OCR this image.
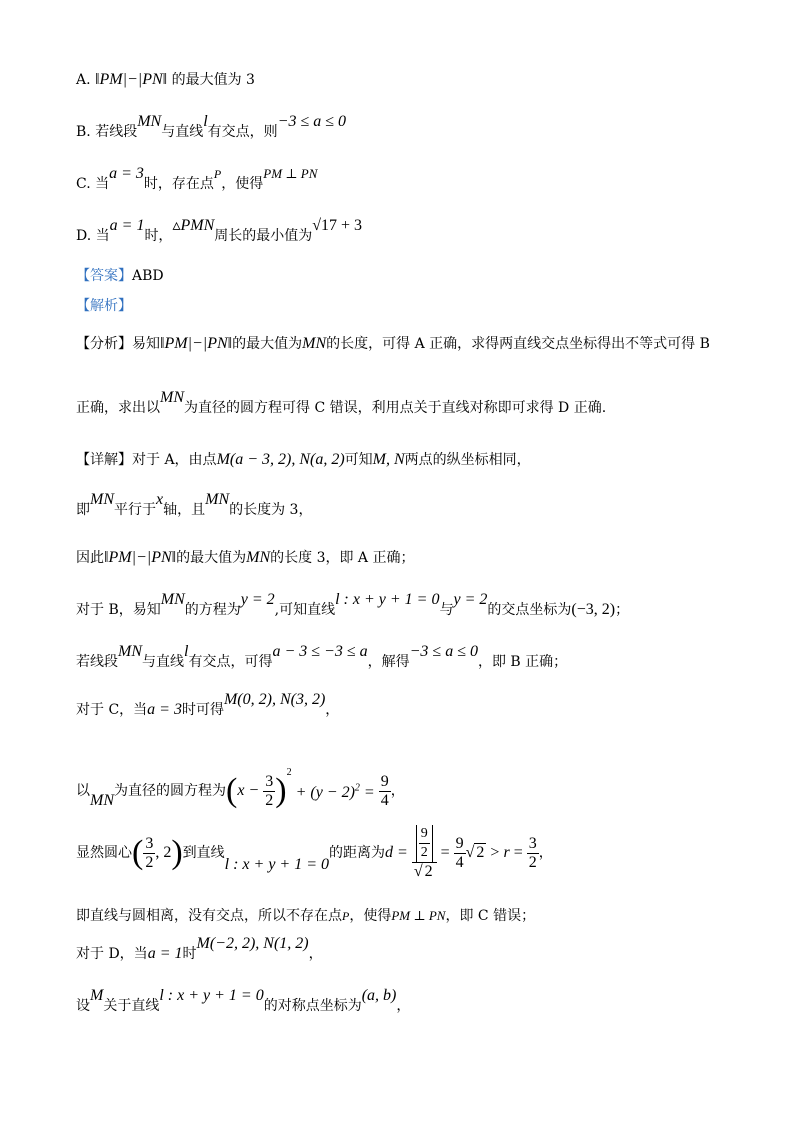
A. ‖PM|−|PN‖ 的最大值为 3
B. 若线段MN与直线l有交点，则−3 ≤ a ≤ 0
C. 当a = 3时，存在点P，使得PM ⊥ PN
D. 当a = 1时，▵PMN周长的最小值为√17 + 3
【答案】ABD
【解析】
【分析】易知‖PM|−|PN‖的最大值为MN的长度，可得 A 正确，求得两直线交点坐标得出不等式可得 B
正确，求出以MN为直径的圆方程可得 C 错误，利用点关于直线对称即可求得 D 正确.
【详解】对于 A，由点M(a − 3, 2), N(a, 2)可知M, N两点的纵坐标相同，
即MN平行于x轴，且MN的长度为 3，
因此‖PM|−|PN‖的最大值为MN的长度 3，即 A 正确；
对于 B，易知MN的方程为y = 2,可知直线l : x + y + 1 = 0与y = 2的交点坐标为(−3, 2)；
若线段MN与直线l有交点，可得a − 3 ≤ −3 ≤ a，解得−3 ≤ a ≤ 0，即 B 正确；
对于 C，当a = 3时可得M(0, 2), N(3, 2)，
以MN为直径的圆方程为$(x - \frac{3}{2} )^2 + (y - 2)^2 = \frac{9}{4}$ ，
显然圆心( $\frac{3}{2}$ , 2)到直线l : x + y + 1 = 0的距离为$d = \frac{\frac{9}{2}}{√ 2} = \frac{9}{4}$ √ $2 > r = \frac{3}{2}$ ，
即直线与圆相离，没有交点，所以不存在点P，使得PM ⊥ PN，即 C 错误；
对于 D，当a = 1时M(−2, 2), N(1, 2)，
设M关于直线l : x + y + 1 = 0的对称点坐标为(a, b)，
